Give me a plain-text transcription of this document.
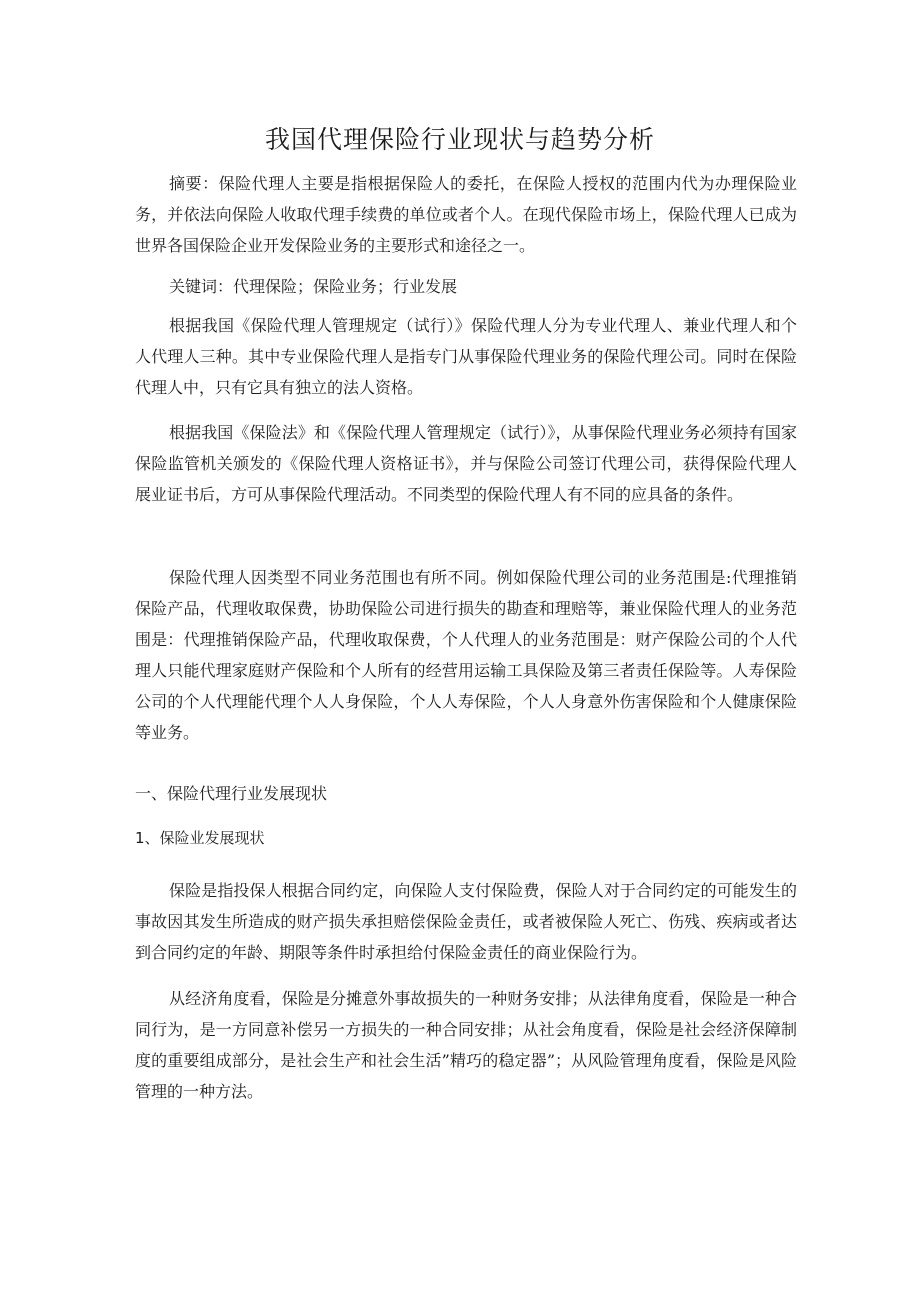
我国代理保险行业现状与趋势分析

摘要：保险代理人主要是指根据保险人的委托，在保险人授权的范围内代为办理保险业务，并依法向保险人收取代理手续费的单位或者个人。在现代保险市场上，保险代理人已成为世界各国保险企业开发保险业务的主要形式和途径之一。

关键词：代理保险；保险业务；行业发展

根据我国《保险代理人管理规定（试行）》保险代理人分为专业代理人、兼业代理人和个人代理人三种。其中专业保险代理人是指专门从事保险代理业务的保险代理公司。同时在保险代理人中，只有它具有独立的法人资格。

根据我国《保险法》和《保险代理人管理规定（试行）》，从事保险代理业务必须持有国家保险监管机关颁发的《保险代理人资格证书》，并与保险公司签订代理公司，获得保险代理人展业证书后，方可从事保险代理活动。不同类型的保险代理人有不同的应具备的条件。

保险代理人因类型不同业务范围也有所不同。例如保险代理公司的业务范围是:代理推销保险产品，代理收取保费，协助保险公司进行损失的勘查和理赔等，兼业保险代理人的业务范围是：代理推销保险产品，代理收取保费，个人代理人的业务范围是：财产保险公司的个人代理人只能代理家庭财产保险和个人所有的经营用运输工具保险及第三者责任保险等。人寿保险公司的个人代理能代理个人人身保险，个人人寿保险，个人人身意外伤害保险和个人健康保险等业务。

一、保险代理行业发展现状

1、保险业发展现状

保险是指投保人根据合同约定，向保险人支付保险费，保险人对于合同约定的可能发生的事故因其发生所造成的财产损失承担赔偿保险金责任，或者被保险人死亡、伤残、疾病或者达到合同约定的年龄、期限等条件时承担给付保险金责任的商业保险行为。

从经济角度看，保险是分摊意外事故损失的一种财务安排；从法律角度看，保险是一种合同行为，是一方同意补偿另一方损失的一种合同安排；从社会角度看，保险是社会经济保障制度的重要组成部分，是社会生产和社会生活”精巧的稳定器”；从风险管理角度看，保险是风险管理的一种方法。
